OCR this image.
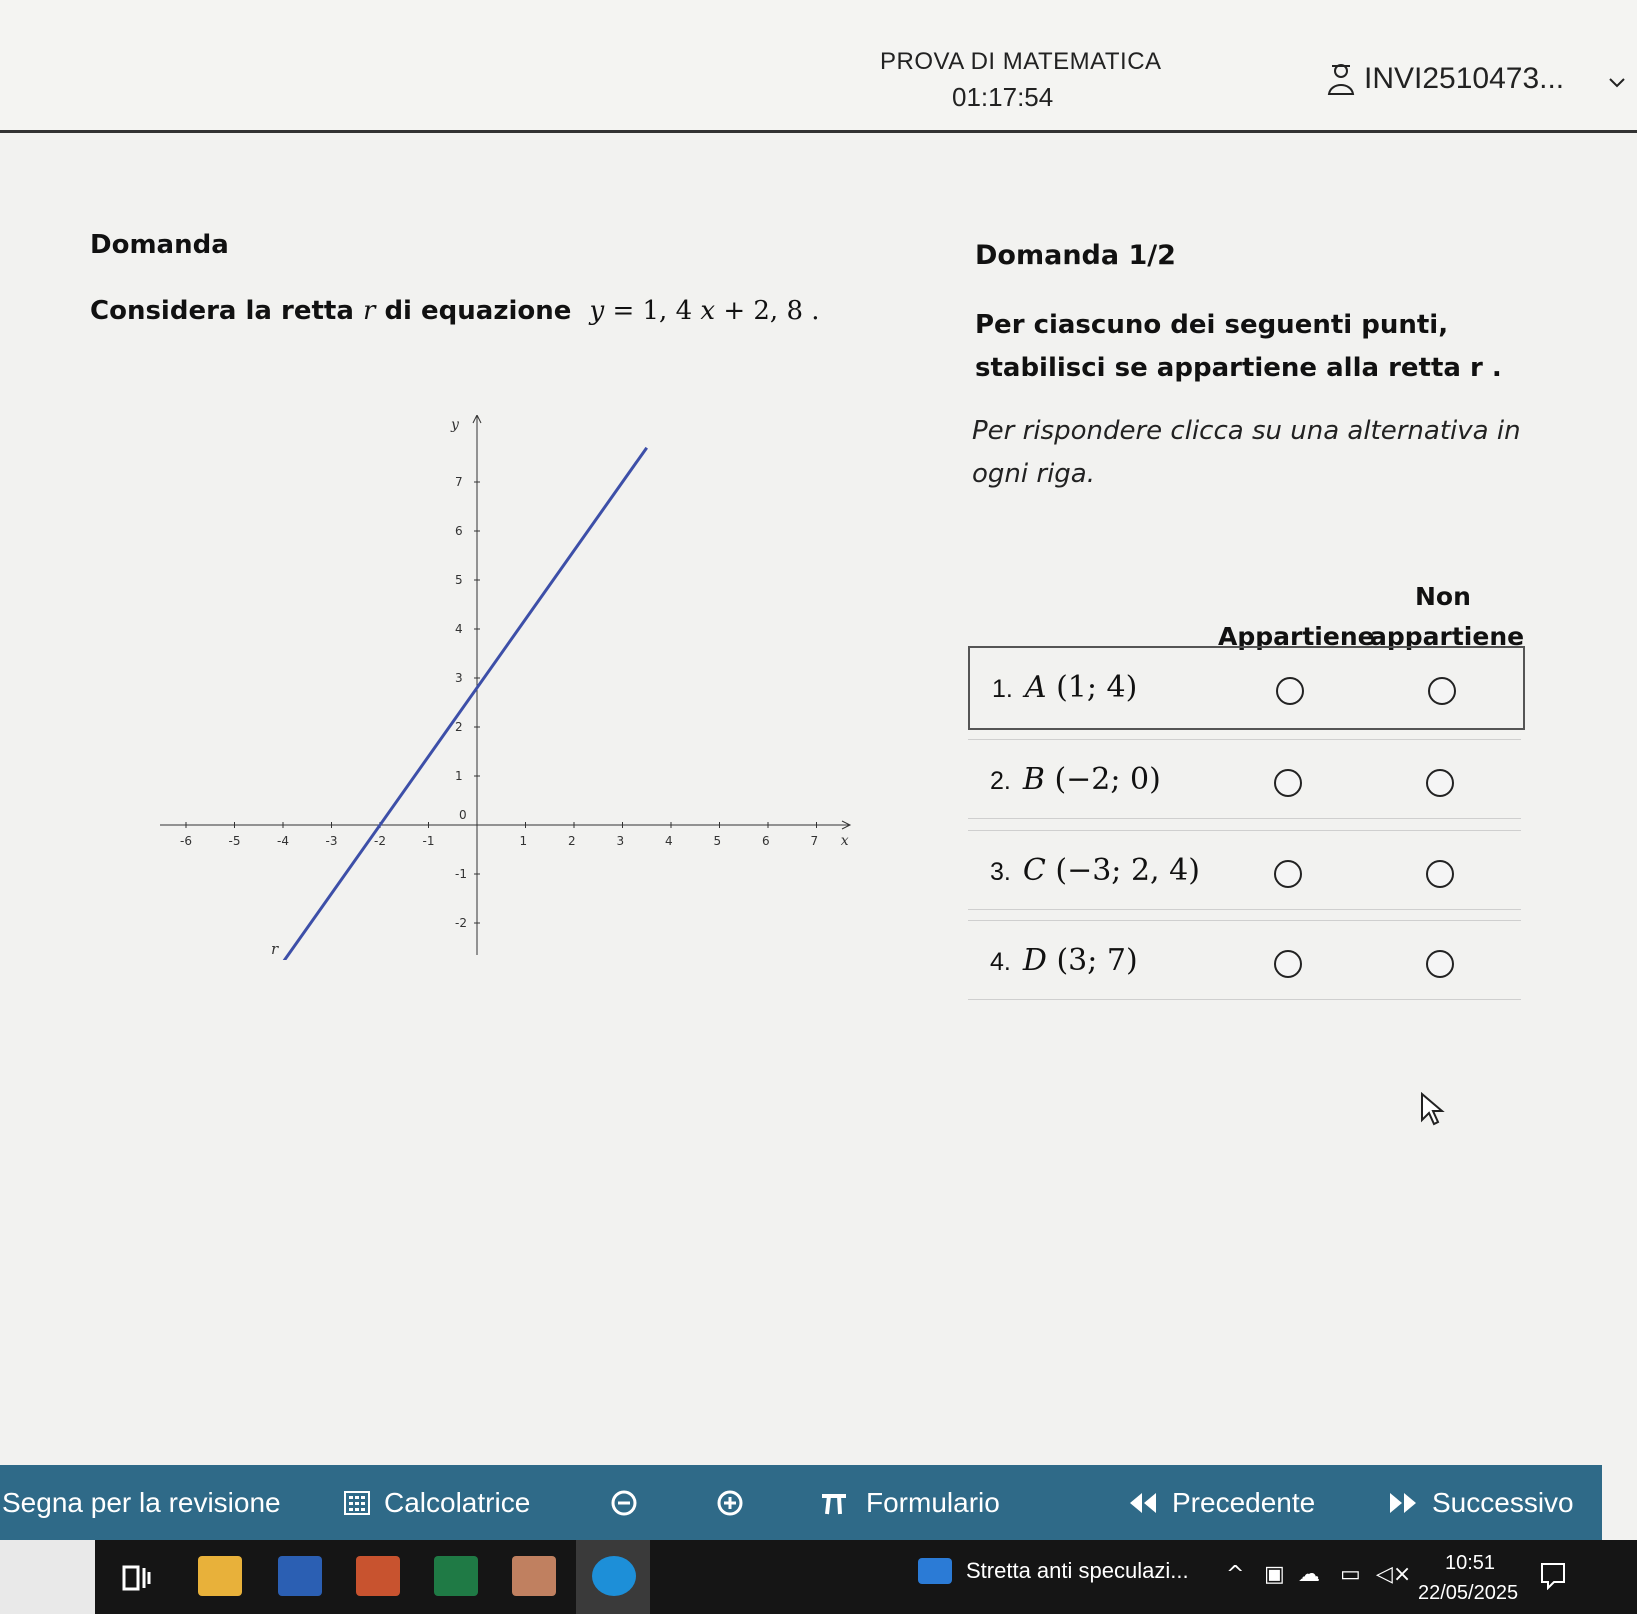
PROVA DI MATEMATICA
01:17:54
INVI2510473...
Domanda
Considera la retta r di equazione y = 1, 4 x + 2, 8 .
-6	-5	-4	-3	-2	-1	1	2	3	4	5	6	7
-2
-1
1
2
3
4
5
6
7
0
x
y
r
Domanda 1/2
Per ciascuno dei seguenti punti, stabilisci se appartiene alla retta r .
Per rispondere clicca su una alternativa in ogni riga.
Non
Appartiene
appartiene
1. A (1; 4)
2. B (−2; 0)
3. C (−3; 2, 4)
4. D (3; 7)
Segna per la revisione	Calcolatrice	Formulario	Precedente	Successivo
Stretta anti speculazi... ^ ▣ ☁ ▭ ◁× 10:51
22/05/2025
